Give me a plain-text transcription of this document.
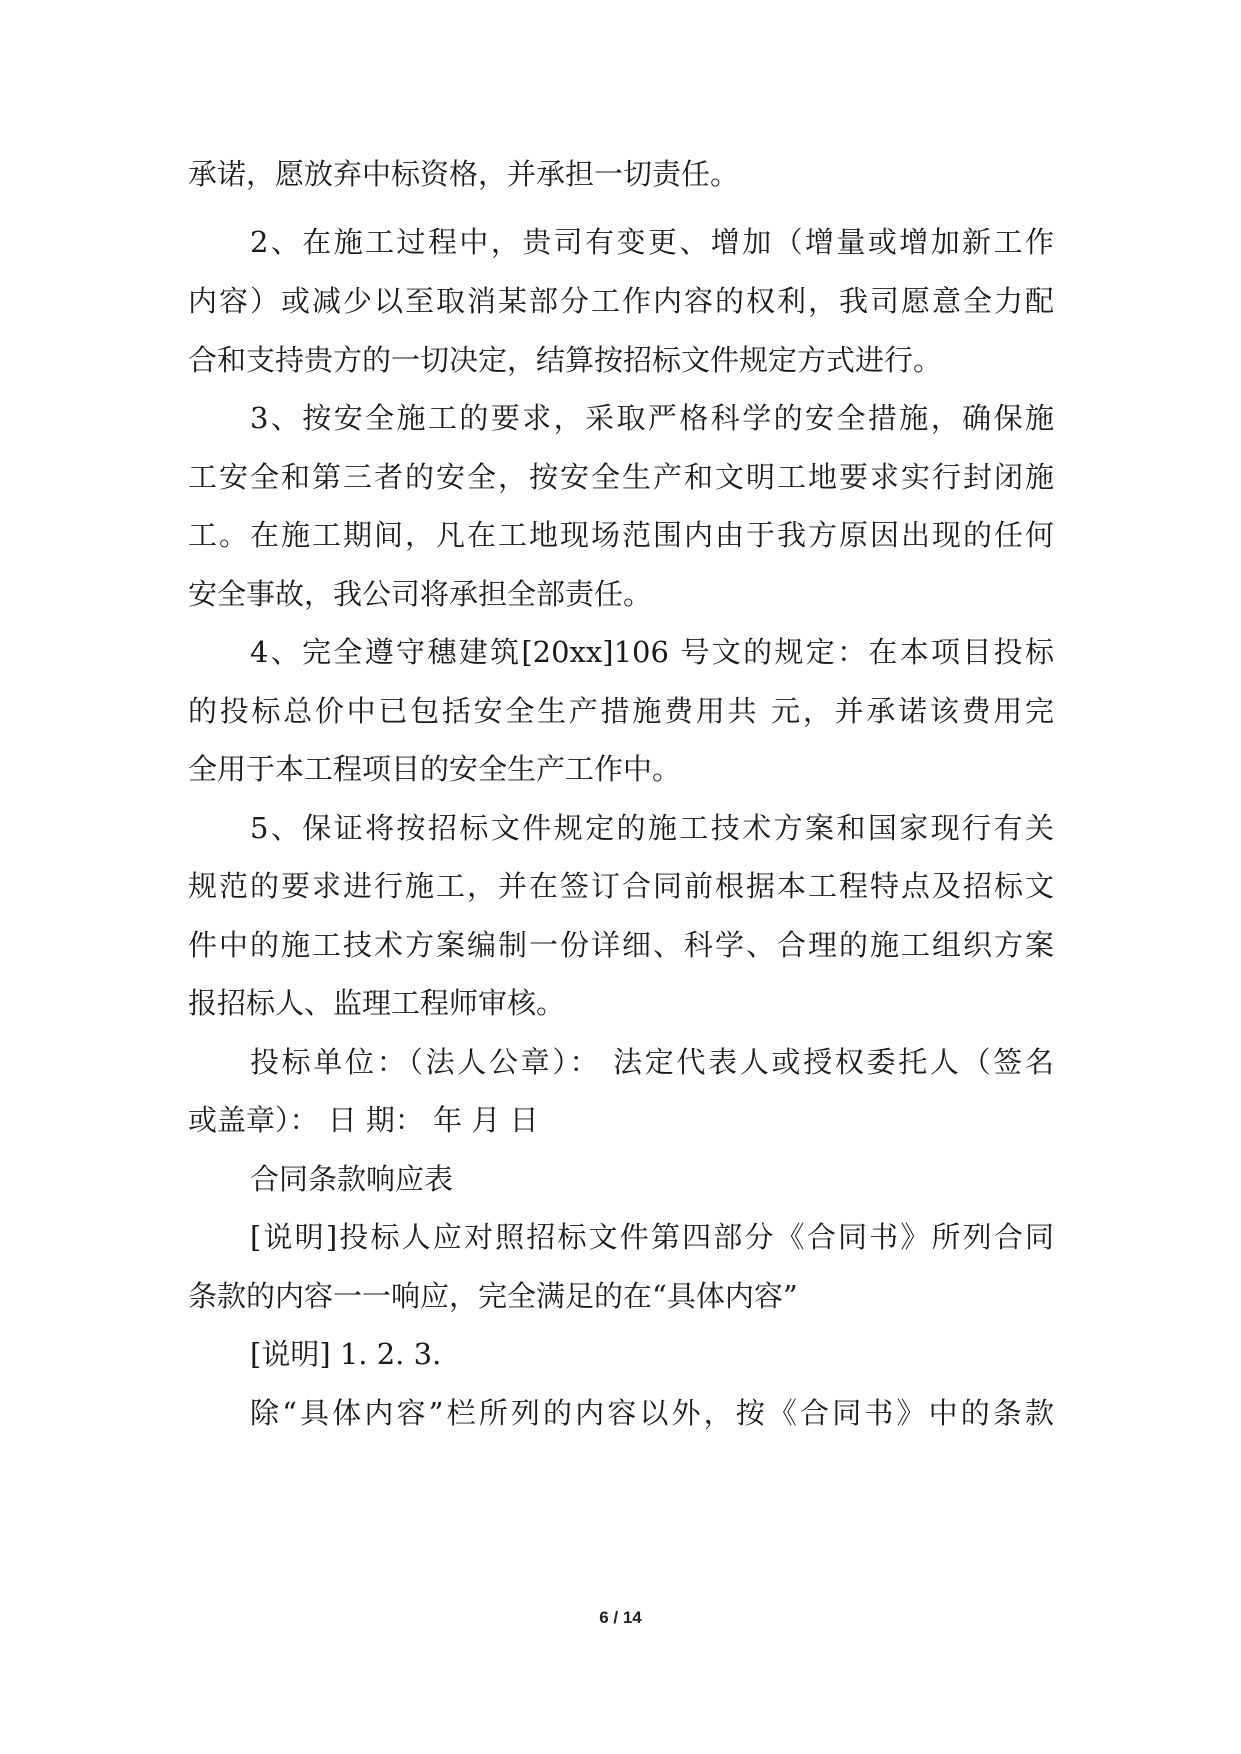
承诺，愿放弃中标资格，并承担一切责任。
2、在施工过程中，贵司有变更、增加（增量或增加新工作
内容）或减少以至取消某部分工作内容的权利，我司愿意全力配
合和支持贵方的一切决定，结算按招标文件规定方式进行。
3、按安全施工的要求，采取严格科学的安全措施，确保施
工安全和第三者的安全，按安全生产和文明工地要求实行封闭施
工。在施工期间，凡在工地现场范围内由于我方原因出现的任何
安全事故，我公司将承担全部责任。
4、完全遵守穗建筑[20xx]106 号文的规定：在本项目投标
的投标总价中已包括安全生产措施费用共 元，并承诺该费用完
全用于本工程项目的安全生产工作中。
5、保证将按招标文件规定的施工技术方案和国家现行有关
规范的要求进行施工，并在签订合同前根据本工程特点及招标文
件中的施工技术方案编制一份详细、科学、合理的施工组织方案
报招标人、监理工程师审核。
投标单位：（法人公章）： 法定代表人或授权委托人（签名
或盖章）： 日 期： 年 月 日
合同条款响应表
[说明]投标人应对照招标文件第四部分《合同书》所列合同
条款的内容一一响应，完全满足的在“具体内容”
[说明] 1. 2. 3.
除“具体内容”栏所列的内容以外，按《合同书》中的条款
6 / 14
